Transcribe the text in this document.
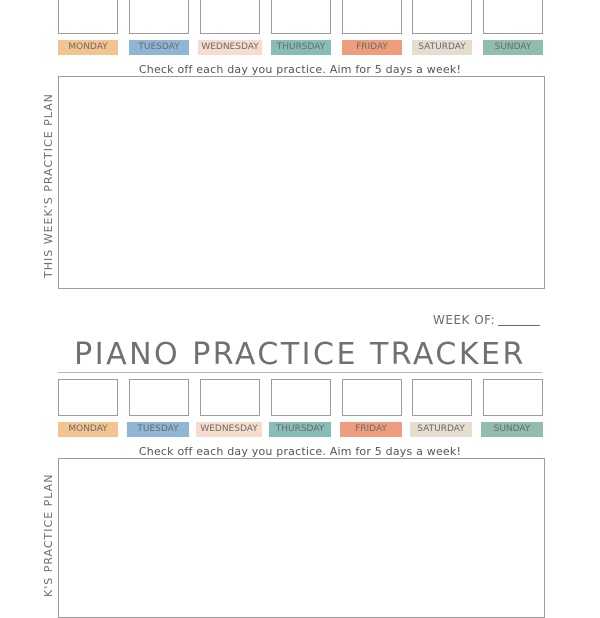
MONDAY	TUESDAY	WEDNESDAY	THURSDAY	FRIDAY	SATURDAY	SUNDAY
Check off each day you practice. Aim for 5 days a week!
THIS WEEK'S PRACTICE PLAN
WEEK OF:
PIANO PRACTICE TRACKER
MONDAY	TUESDAY	WEDNESDAY	THURSDAY	FRIDAY	SATURDAY	SUNDAY
Check off each day you practice. Aim for 5 days a week!
K'S PRACTICE PLAN
